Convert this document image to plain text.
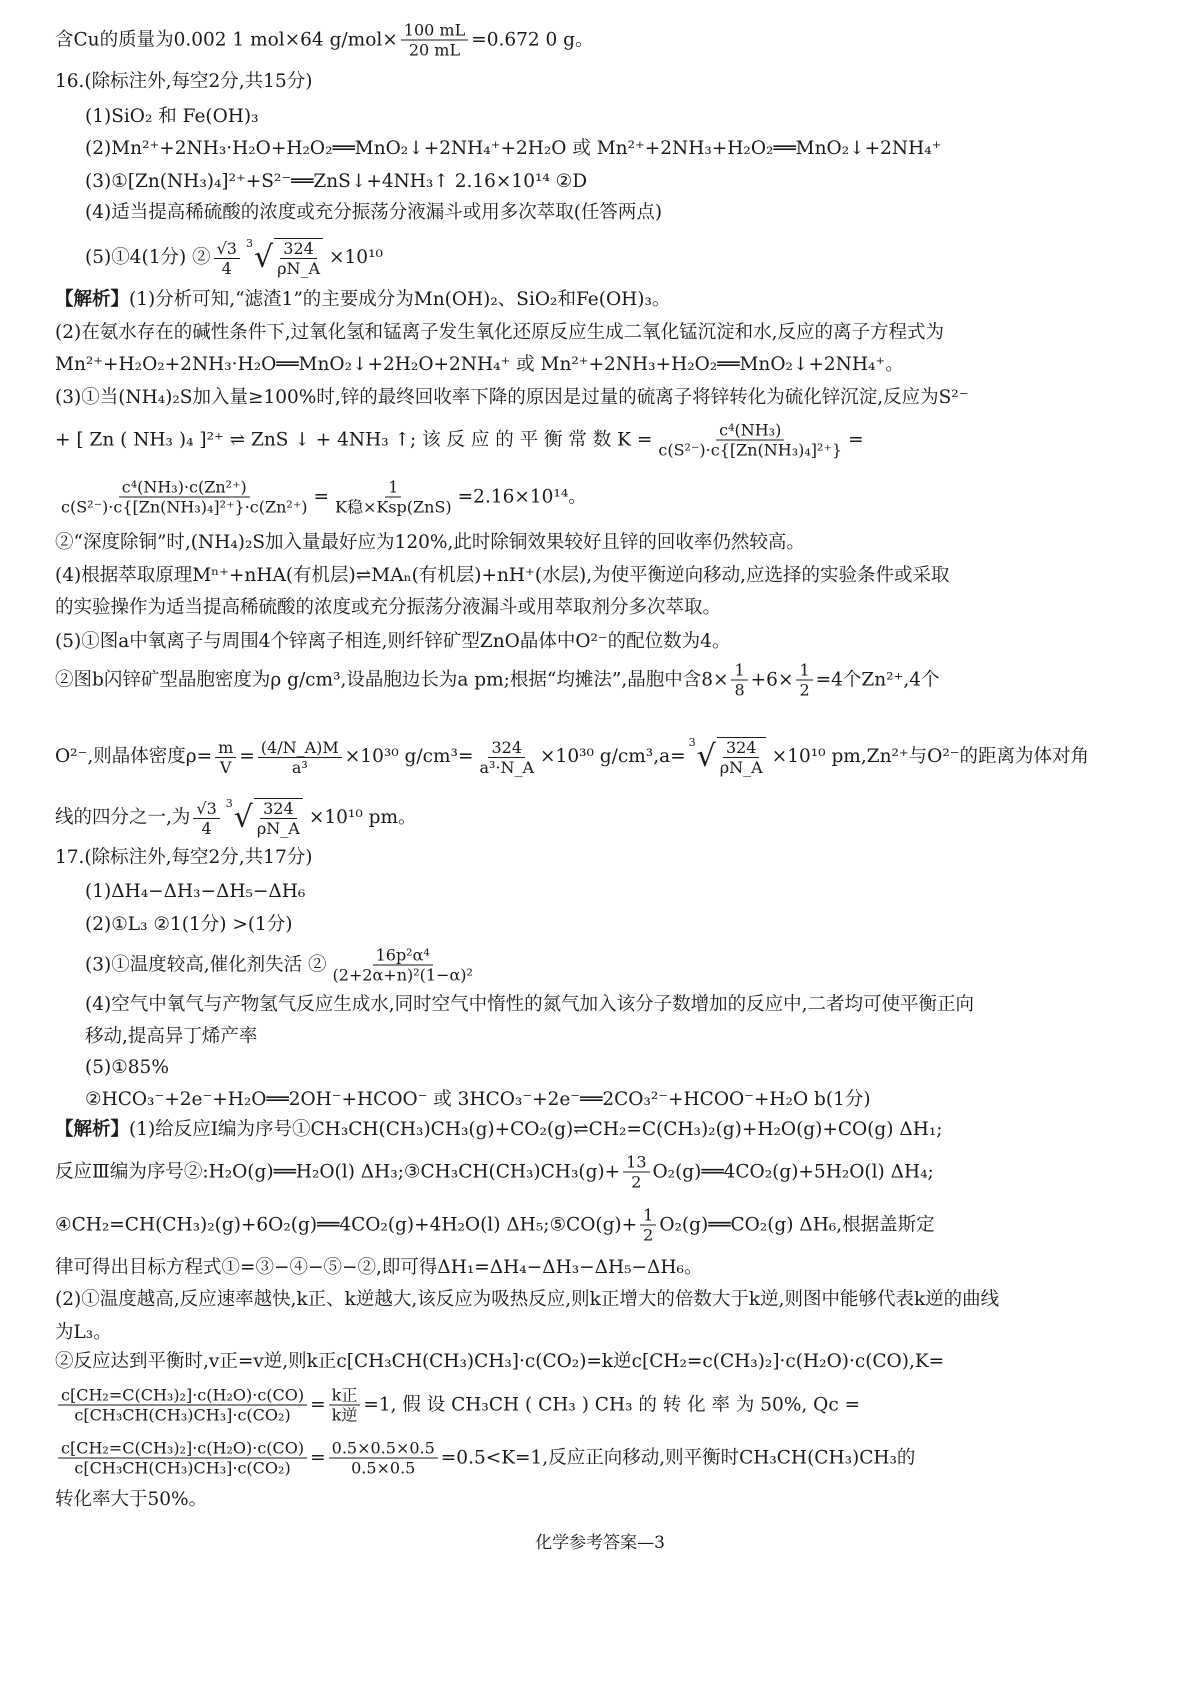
含Cu的质量为0.002 1 mol×64 $g/mol\times \frac{100 mL}{20 mL} =0.672$ 0 g。
16.(除标注外,每空2分,共15分)
(1)SiO₂ 和 Fe(OH)₃
(2)Mn²⁺+2NH₃·H₂O+H₂O₂══MnO₂↓+2NH₄⁺+2H₂O 或 Mn²⁺+2NH₃+H₂O₂══MnO₂↓+2NH₄⁺
(3)①[Zn(NH₃)₄]²⁺+S²⁻══ZnS↓+4NH₃↑ 2.16×10¹⁴ ②D
(4)适当提高稀硫酸的浓度或充分振荡分液漏斗或用多次萃取(任答两点)
(5)①4(1分) ② $\frac{√3}{4} 3$ √ $\frac{324}{\rho N\_A} \times 10^{10}$
【解析】 (1)分析可知,“滤渣1”的主要成分为Mn(OH)₂、SiO₂和Fe(OH)₃。
(2)在氨水存在的碱性条件下,过氧化氢和锰离子发生氧化还原反应生成二氧化锰沉淀和水,反应的离子方程式为
Mn²⁺+H₂O₂+2NH₃·H₂O══MnO₂↓+2H₂O+2NH₄⁺ 或 Mn²⁺+2NH₃+H₂O₂══MnO₂↓+2NH₄⁺。
(3)①当(NH₄)₂S加入量≥100%时,锌的最终回收率下降的原因是过量的硫离子将锌转化为硫化锌沉淀,反应为S²⁻
+ [ Zn ( NH₃ )₄ ]²⁺ ⇌ ZnS ↓ + 4NH₃ ↑; 该 反 应 的 平 衡 常 数 $K = \frac{\text{c⁴(NH₃)}}{\text{c(S²⁻)·c\{[Zn(NH₃)₄]²⁺\}}}$ =
$\frac{\text{c⁴(NH₃)·c(Zn²⁺)}}{\text{c(S²⁻)·c\{[Zn(NH₃)₄]²⁺\}·c(Zn²⁺)}} = \frac{1}{\text{K稳×Ksp(ZnS)}} =2.16\times 10^{14}$。
②“深度除铜”时,(NH₄)₂S加入量最好应为120%,此时除铜效果较好且锌的回收率仍然较高。
(4)根据萃取原理Mⁿ⁺+nHA(有机层)⇌MAₙ(有机层)+nH⁺(水层),为使平衡逆向移动,应选择的实验条件或采取
的实验操作为适当提高稀硫酸的浓度或充分振荡分液漏斗或用萃取剂分多次萃取。
(5)①图a中氧离子与周围4个锌离子相连,则纤锌矿型ZnO晶体中O²⁻的配位数为4。
②图b闪锌矿型晶胞密度为ρ g/cm³,设晶胞边长为a pm;根据“均摊法”,晶胞中含$8\times \frac{1}{8} +6\times \frac{1}{2} =4$个Zn²⁺,4个
O²⁻,则晶体密度$\rho= \frac{m}{V} = \frac{(4/N\_A)M}{\text{a³}} \times 10^{30}$ $g/cm^3= \frac{324}{\text{a³·N\_A}} \times 10^{30}$ g/cm³,a=
3 √ $\frac{324}{\rho N\_A} \times 10^{10}$ pm,Zn²⁺与O²⁻的距离为体对角
线的四分之一,为 $\frac{√3}{4} 3$ √ $\frac{324}{\rho N\_A} \times 10^{10}$ pm。
17.(除标注外,每空2分,共17分)
(1)ΔH₄−ΔH₃−ΔH₅−ΔH₆
(2)①L₃ ②1(1分) >(1分)
(3)①温度较高,催化剂失活 ② $\frac{\text{16p²α⁴}}{\text{(2+2α+n)²(1−α)²}}$
(4)空气中氧气与产物氢气反应生成水,同时空气中惰性的氮气加入该分子数增加的反应中,二者均可使平衡正向
移动,提高异丁烯产率
(5)①85%
②HCO₃⁻+2e⁻+H₂O══2OH⁻+HCOO⁻ 或 3HCO₃⁻+2e⁻══2CO₃²⁻+HCOO⁻+H₂O b(1分)
【解析】 (1)给反应Ⅰ编为序号①CH₃CH(CH₃)CH₃(g)+CO₂(g)⇌CH₂=C(CH₃)₂(g)+H₂O(g)+CO(g) ΔH₁;
反应Ⅲ编为序号②:H₂O(g)══H₂O(l) ΔH₃;③CH₃CH(CH₃)CH₃(g)+ $\frac{13}{2}$ O₂(g)══4CO₂(g)+5H₂O(l) ΔH₄;
④CH₂=CH(CH₃)₂(g)+6O₂(g)══4CO₂(g)+4H₂O(l) ΔH₅;⑤CO(g)+ $\frac{1}{2}$ O₂(g)══CO₂(g) ΔH₆,根据盖斯定
律可得出目标方程式①=③−④−⑤−②,即可得ΔH₁=ΔH₄−ΔH₃−ΔH₅−ΔH₆。
(2)①温度越高,反应速率越快,k正、k逆越大,该反应为吸热反应,则k正增大的倍数大于k逆,则图中能够代表k逆的曲线
为L₃。
②反应达到平衡时,v正=v逆,则k正c[CH₃CH(CH₃)CH₃]·c(CO₂)=k逆c[CH₂=c(CH₃)₂]·c(H₂O)·c(CO),K=
$\frac{\text{c[CH₂=C(CH₃)₂]·c(H₂O)·c(CO)}}{\text{c[CH₃CH(CH₃)CH₃]·c(CO₂)}} = \frac{\text{k正}}{\text{k逆}} =1$, 假 设 CH₃CH ( CH₃ ) CH₃ 的 转 化 率 为 50%, Qc =
$\frac{\text{c[CH₂=C(CH₃)₂]·c(H₂O)·c(CO)}}{\text{c[CH₃CH(CH₃)CH₃]·c(CO₂)}} = \frac{0.5\times 0.5\times 0.5}{0.5\times 0.5} =0.5<K=1$,反应正向移动,则平衡时CH₃CH(CH₃)CH₃的
转化率大于50%。
化学参考答案—3
